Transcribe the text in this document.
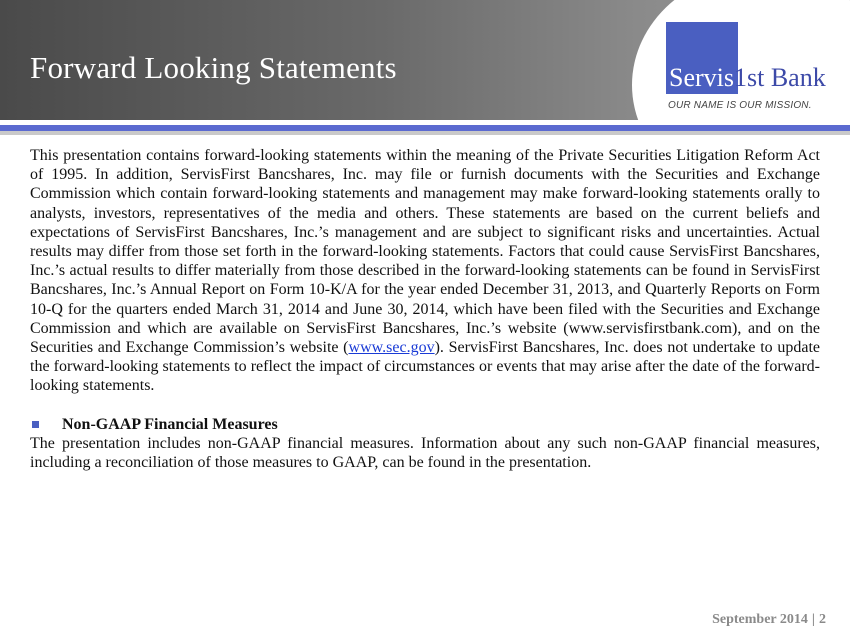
Forward Looking Statements	Servis1st Bank
OUR NAME IS OUR MISSION.

This presentation contains forward-looking statements within the meaning of the Private Securities Litigation Reform Act of 1995. In addition, ServisFirst Bancshares, Inc. may file or furnish documents with the Securities and Exchange Commission which contain forward-looking statements and management may make forward-looking statements orally to analysts, investors, representatives of the media and others. These statements are based on the current beliefs and expectations of ServisFirst Bancshares, Inc.’s management and are subject to significant risks and uncertainties. Actual results may differ from those set forth in the forward-looking statements. Factors that could cause ServisFirst Bancshares, Inc.’s actual results to differ materially from those described in the forward-looking statements can be found in ServisFirst Bancshares, Inc.’s Annual Report on Form 10-K/A for the year ended December 31, 2013, and Quarterly Reports on Form 10-Q for the quarters ended March 31, 2014 and June 30, 2014, which have been filed with the Securities and Exchange Commission and which are available on ServisFirst Bancshares, Inc.’s website (www.servisfirstbank.com), and on the Securities and Exchange Commission’s website (www.sec.gov). ServisFirst Bancshares, Inc. does not undertake to update the forward-looking statements to reflect the impact of circumstances or events that may arise after the date of the forward-looking statements.

Non-GAAP Financial Measures

The presentation includes non-GAAP financial measures. Information about any such non-GAAP financial measures, including a reconciliation of those measures to GAAP, can be found in the presentation.

September 2014 | 2
